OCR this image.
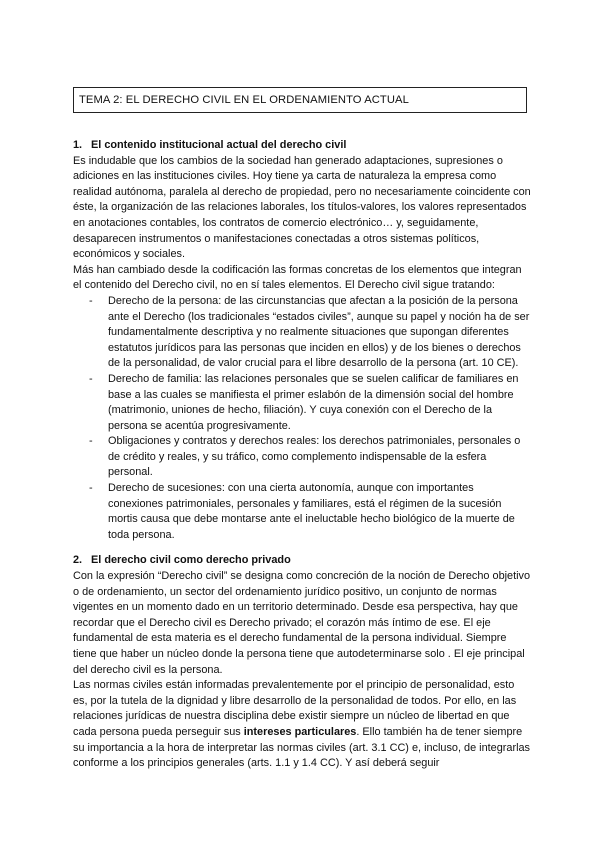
TEMA 2: EL DERECHO CIVIL EN EL ORDENAMIENTO ACTUAL

1. El contenido institucional actual del derecho civil

Es indudable que los cambios de la sociedad han generado adaptaciones, supresiones o adiciones en las instituciones civiles. Hoy tiene ya carta de naturaleza la empresa como realidad autónoma, paralela al derecho de propiedad, pero no necesariamente coincidente con éste, la organización de las relaciones laborales, los títulos-valores, los valores representados en anotaciones contables, los contratos de comercio electrónico… y, seguidamente, desaparecen instrumentos o manifestaciones conectadas a otros sistemas políticos, económicos y sociales.

Más han cambiado desde la codificación las formas concretas de los elementos que integran el contenido del Derecho civil, no en sí tales elementos. El Derecho civil sigue tratando:

- Derecho de la persona: de las circunstancias que afectan a la posición de la persona ante el Derecho (los tradicionales “estados civiles”, aunque su papel y noción ha de ser fundamentalmente descriptiva y no realmente situaciones que supongan diferentes estatutos jurídicos para las personas que inciden en ellos) y de los bienes o derechos de la personalidad, de valor crucial para el libre desarrollo de la persona (art. 10 CE).
- Derecho de familia: las relaciones personales que se suelen calificar de familiares en base a las cuales se manifiesta el primer eslabón de la dimensión social del hombre (matrimonio, uniones de hecho, filiación). Y cuya conexión con el Derecho de la persona se acentúa progresivamente.
- Obligaciones y contratos y derechos reales: los derechos patrimoniales, personales o de crédito y reales, y su tráfico, como complemento indispensable de la esfera personal.
- Derecho de sucesiones: con una cierta autonomía, aunque con importantes conexiones patrimoniales, personales y familiares, está el régimen de la sucesión mortis causa que debe montarse ante el ineluctable hecho biológico de la muerte de toda persona.

2. El derecho civil como derecho privado

Con la expresión “Derecho civil” se designa como concreción de la noción de Derecho objetivo o de ordenamiento, un sector del ordenamiento jurídico positivo, un conjunto de normas vigentes en un momento dado en un territorio determinado. Desde esa perspectiva, hay que recordar que el Derecho civil es Derecho privado; el corazón más íntimo de ese. El eje fundamental de esta materia es el derecho fundamental de la persona individual. Siempre tiene que haber un núcleo donde la persona tiene que autodeterminarse solo . El eje principal del derecho civil es la persona.

Las normas civiles están informadas prevalentemente por el principio de personalidad, esto es, por la tutela de la dignidad y libre desarrollo de la personalidad de todos. Por ello, en las relaciones jurídicas de nuestra disciplina debe existir siempre un núcleo de libertad en que cada persona pueda perseguir sus intereses particulares. Ello también ha de tener siempre su importancia a la hora de interpretar las normas civiles (art. 3.1 CC) e, incluso, de integrarlas conforme a los principios generales (arts. 1.1 y 1.4 CC). Y así deberá seguir
